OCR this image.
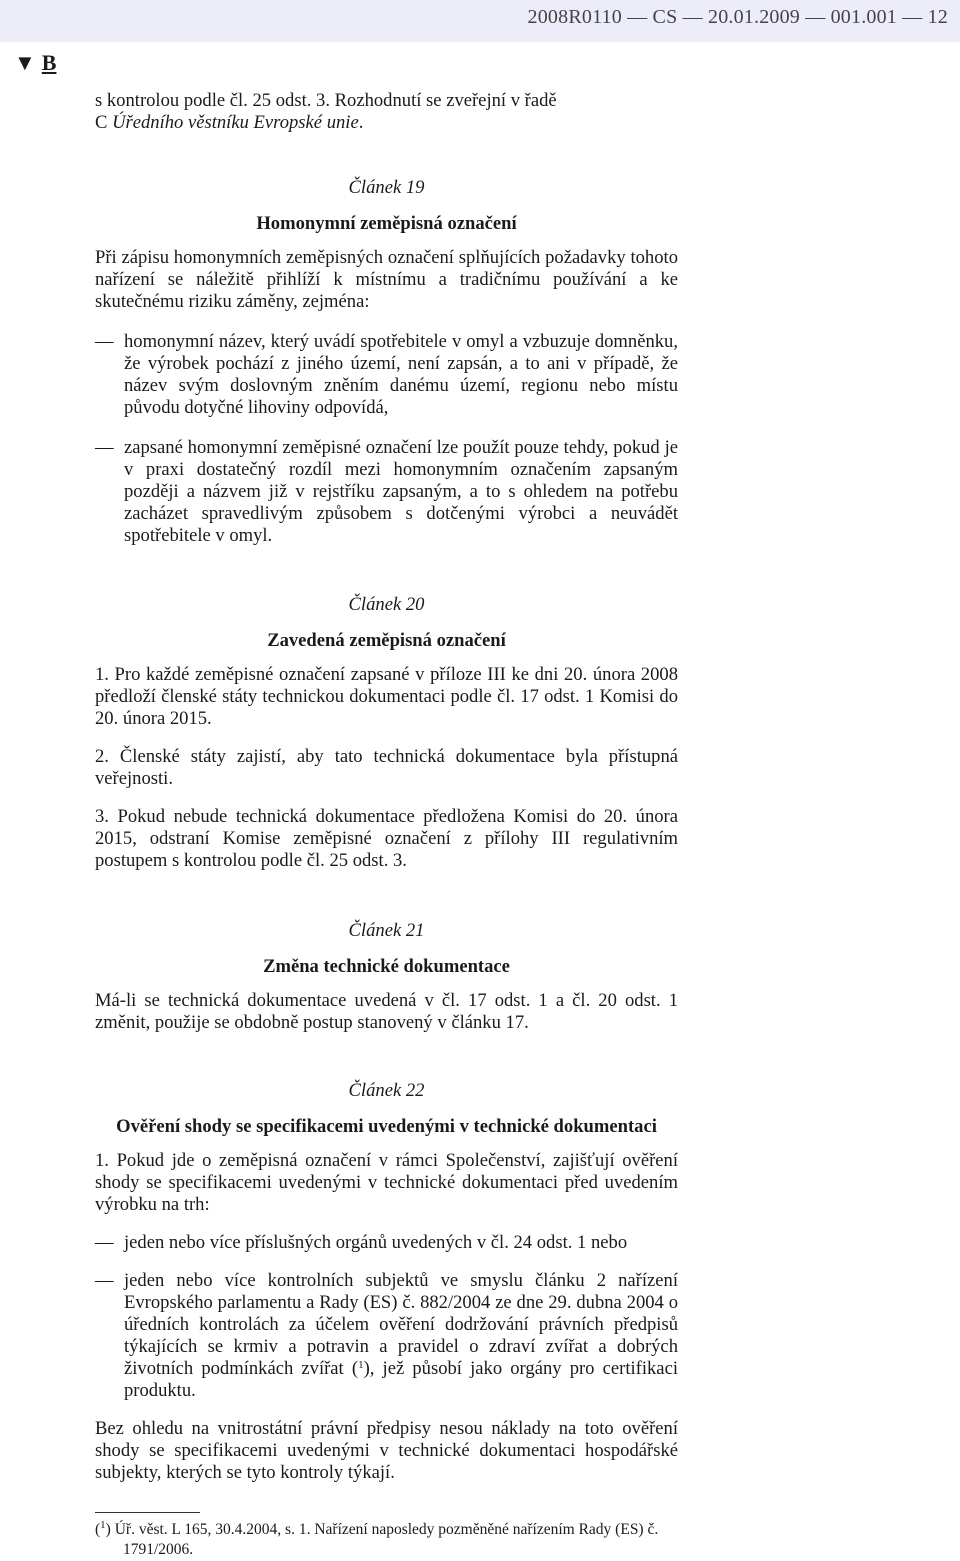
2008R0110 — CS — 20.01.2009 — 001.001 — 12
▼ B

s kontrolou podle čl. 25 odst. 3. Rozhodnutí se zveřejní v řadě
C Úředního věstníku Evropské unie.

Článek 19

Homonymní zeměpisná označení

Při zápisu homonymních zeměpisných označení splňujících požadavky tohoto nařízení se náležitě přihlíží k místnímu a tradičnímu používání a ke skutečnému riziku záměny, zejména:

— homonymní název, který uvádí spotřebitele v omyl a vzbuzuje domněnku, že výrobek pochází z jiného území, není zapsán, a to ani v případě, že název svým doslovným zněním danému území, regionu nebo místu původu dotyčné lihoviny odpovídá,

— zapsané homonymní zeměpisné označení lze použít pouze tehdy, pokud je v praxi dostatečný rozdíl mezi homonymním označením zapsaným později a názvem již v rejstříku zapsaným, a to s ohledem na potřebu zacházet spravedlivým způsobem s dotčenými výrobci a neuvádět spotřebitele v omyl.

Článek 20

Zavedená zeměpisná označení

1. Pro každé zeměpisné označení zapsané v příloze III ke dni 20. února 2008 předloží členské státy technickou dokumentaci podle čl. 17 odst. 1 Komisi do 20. února 2015.

2. Členské státy zajistí, aby tato technická dokumentace byla přístupná veřejnosti.

3. Pokud nebude technická dokumentace předložena Komisi do 20. února 2015, odstraní Komise zeměpisné označení z přílohy III regulativním postupem s kontrolou podle čl. 25 odst. 3.

Článek 21

Změna technické dokumentace

Má-li se technická dokumentace uvedená v čl. 17 odst. 1 a čl. 20 odst. 1 změnit, použije se obdobně postup stanovený v článku 17.

Článek 22

Ověření shody se specifikacemi uvedenými v technické dokumentaci

1. Pokud jde o zeměpisná označení v rámci Společenství, zajišťují ověření shody se specifikacemi uvedenými v technické dokumentaci před uvedením výrobku na trh:

— jeden nebo více příslušných orgánů uvedených v čl. 24 odst. 1 nebo

— jeden nebo více kontrolních subjektů ve smyslu článku 2 nařízení Evropského parlamentu a Rady (ES) č. 882/2004 ze dne 29. dubna 2004 o úředních kontrolách za účelem ověření dodržování právních předpisů týkajících se krmiv a potravin a pravidel o zdraví zvířat a dobrých životních podmínkách zvířat ($^1$), jež působí jako orgány pro certifikaci produktu.

Bez ohledu na vnitrostátní právní předpisy nesou náklady na toto ověření shody se specifikacemi uvedenými v technické dokumentaci hospodářské subjekty, kterých se tyto kontroly týkají.

($^1$) Úř. věst. L 165, 30.4.2004, s. 1. Nařízení naposledy pozměněné nařízením Rady (ES) č. 1791/2006.
